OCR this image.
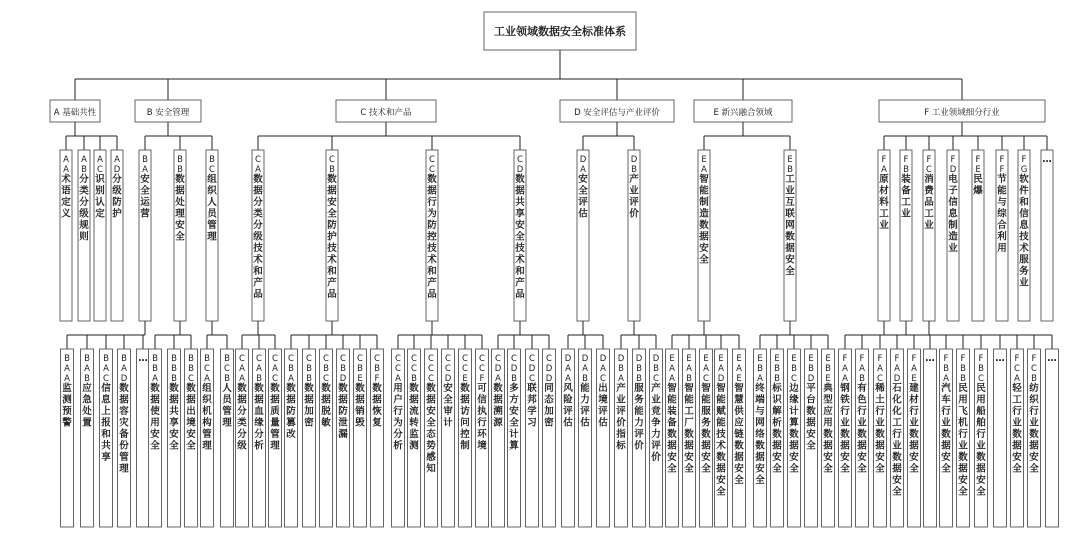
工业领域数据安全标准体系
A 基础共性
A
A
术
语
定
义
A
B
分
类
分
级
规
则
A
C
识
别
认
定
A
D
分
级
防
护
B 安全管理
B
A
安
全
运
营
B
A
A
监
测
预
警
B
A
B
应
急
处
置
B
A
C
信
息
上
报
和
共
享
B
A
D
数
据
容
灾
备
份
管
理
…
B
B
数
据
处
理
安
全
B
B
A
数
据
使
用
安
全
B
B
B
数
据
共
享
安
全
B
B
C
数
据
出
境
安
全
B
C
组
织
人
员
管
理
B
C
A
组
织
机
构
管
理
B
C
B
人
员
管
理
C 技术和产品
C
A
数
据
分
类
分
级
技
术
和
产
品
C
A
A
数
据
分
类
分
级
C
A
B
数
据
血
缘
分
析
C
A
C
数
据
质
量
管
理
C
B
数
据
安
全
防
护
技
术
和
产
品
C
B
A
数
据
防
篡
改
C
B
B
数
据
加
密
C
B
C
数
据
脱
敏
C
B
D
数
据
防
泄
漏
C
B
E
数
据
销
毁
C
B
F
数
据
恢
复
C
C
数
据
行
为
防
控
技
术
和
产
品
C
C
A
用
户
行
为
分
析
C
C
B
数
据
流
转
监
测
C
C
C
数
据
安
全
态
势
感
知
C
C
D
安
全
审
计
C
C
E
数
据
访
问
控
制
C
C
F
可
信
执
行
环
境
C
D
数
据
共
享
安
全
技
术
和
产
品
C
D
A
数
据
溯
源
C
D
B
多
方
安
全
计
算
C
D
C
联
邦
学
习
C
D
D
同
态
加
密
D 安全评估与产业评价
D
A
安
全
评
估
D
A
A
风
险
评
估
D
A
B
能
力
评
估
D
A
C
出
境
评
估
D
B
产
业
评
价
D
B
A
产
业
评
价
指
标
D
B
B
服
务
能
力
评
价
D
B
C
产
业
竞
争
力
评
价
E 新兴融合领域
E
A
智
能
制
造
数
据
安
全
E
A
A
智
能
装
备
数
据
安
全
E
A
B
智
能
工
厂
数
据
安
全
E
A
C
智
能
服
务
数
据
安
全
E
A
D
智
能
赋
能
技
术
数
据
安
全
E
A
E
智
慧
供
应
链
数
据
安
全
E
B
工
业
互
联
网
数
据
安
全
E
B
A
终
端
与
网
络
数
据
安
全
E
B
B
标
识
解
析
数
据
安
全
E
B
C
边
缘
计
算
数
据
安
全
E
B
D
平
台
数
据
安
全
E
B
E
典
型
应
用
数
据
安
全
F 工业领域细分行业
F
A
原
材
料
工
业
F
A
A
钢
铁
行
业
数
据
安
全
F
A
B
有
色
行
业
数
据
安
全
F
A
C
稀
土
行
业
数
据
安
全
F
A
D
石
化
化
工
行
业
数
据
安
全
F
A
E
建
材
行
业
数
据
安
全
…
F
B
装
备
工
业
F
B
A
汽
车
行
业
数
据
安
全
F
B
B
民
用
飞
机
行
业
数
据
安
全
F
B
C
民
用
船
舶
行
业
数
据
安
全
…
F
C
消
费
品
工
业
F
C
A
轻
工
行
业
数
据
安
全
F
C
B
纺
织
行
业
数
据
安
全
…
F
D
电
子
信
息
制
造
业
F
E
民
爆
F
F
节
能
与
综
合
利
用
F
G
软
件
和
信
息
技
术
服
务
业
…
